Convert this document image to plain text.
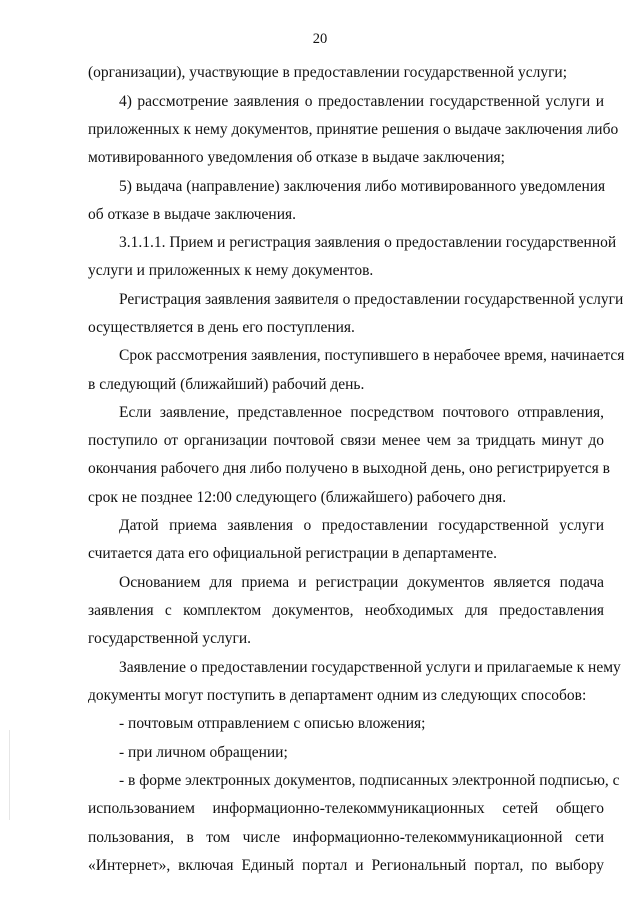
20
(организации), участвующие в предоставлении государственной услуги;
4) рассмотрение заявления о предоставлении государственной услуги и
приложенных к нему документов, принятие решения о выдаче заключения либо
мотивированного уведомления об отказе в выдаче заключения;
5) выдача (направление) заключения либо мотивированного уведомления
об отказе в выдаче заключения.
3.1.1.1. Прием и регистрация заявления о предоставлении государственной
услуги и приложенных к нему документов.
Регистрация заявления заявителя о предоставлении государственной услуги
осуществляется в день его поступления.
Срок рассмотрения заявления, поступившего в нерабочее время, начинается
в следующий (ближайший) рабочий день.
Если заявление, представленное посредством почтового отправления,
поступило от организации почтовой связи менее чем за тридцать минут до
окончания рабочего дня либо получено в выходной день, оно регистрируется в
срок не позднее 12:00 следующего (ближайшего) рабочего дня.
Датой приема заявления о предоставлении государственной услуги
считается дата его официальной регистрации в департаменте.
Основанием для приема и регистрации документов является подача
заявления с комплектом документов, необходимых для предоставления
государственной услуги.
Заявление о предоставлении государственной услуги и прилагаемые к нему
документы могут поступить в департамент одним из следующих способов:
- почтовым отправлением с описью вложения;
- при личном обращении;
- в форме электронных документов, подписанных электронной подписью, с
использованием информационно-телекоммуникационных сетей общего
пользования, в том числе информационно-телекоммуникационной сети
«Интернет», включая Единый портал и Региональный портал, по выбору
